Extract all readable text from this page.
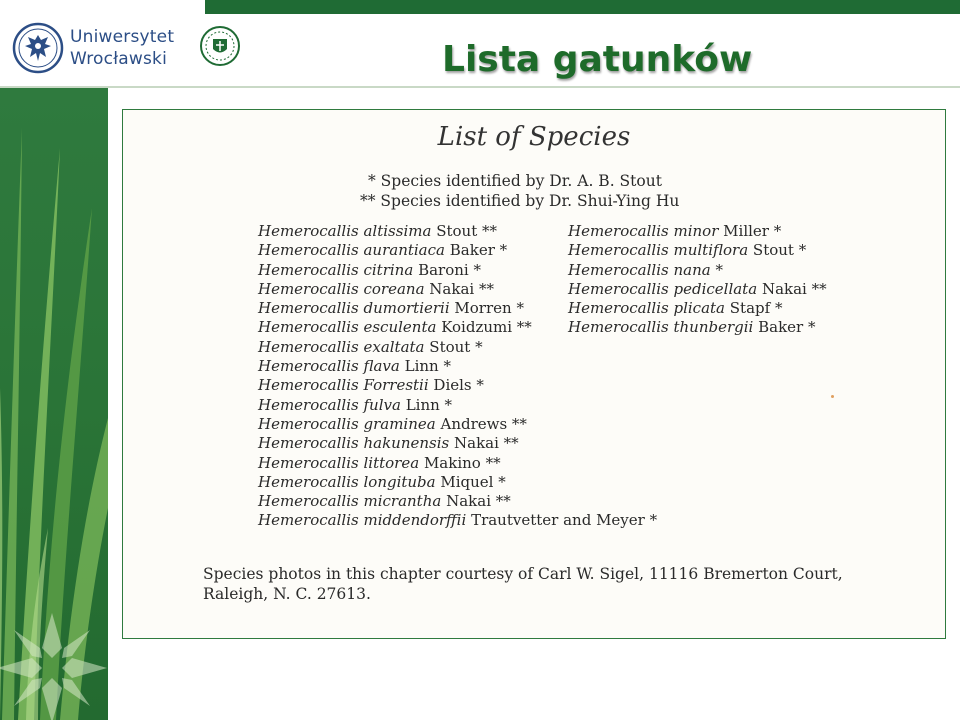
Uniwersytet
Wrocławski	Lista gatunków
List of Species
* Species identified by Dr. A. B. Stout
** Species identified by Dr. Shui-Ying Hu
Hemerocallis altissima Stout **
Hemerocallis aurantiaca Baker *
Hemerocallis citrina Baroni *
Hemerocallis coreana Nakai **
Hemerocallis dumortierii Morren *
Hemerocallis esculenta Koidzumi **
Hemerocallis exaltata Stout *
Hemerocallis flava Linn *
Hemerocallis Forrestii Diels *
Hemerocallis fulva Linn *
Hemerocallis graminea Andrews **
Hemerocallis hakunensis Nakai **
Hemerocallis littorea Makino **
Hemerocallis longituba Miquel *
Hemerocallis micrantha Nakai **
Hemerocallis middendorffii Trautvetter and Meyer *
Hemerocallis minor Miller *
Hemerocallis multiflora Stout *
Hemerocallis nana *
Hemerocallis pedicellata Nakai **
Hemerocallis plicata Stapf *
Hemerocallis thunbergii Baker *

Species photos in this chapter courtesy of Carl W. Sigel, 11116 Bremerton Court, Raleigh, N. C. 27613.
